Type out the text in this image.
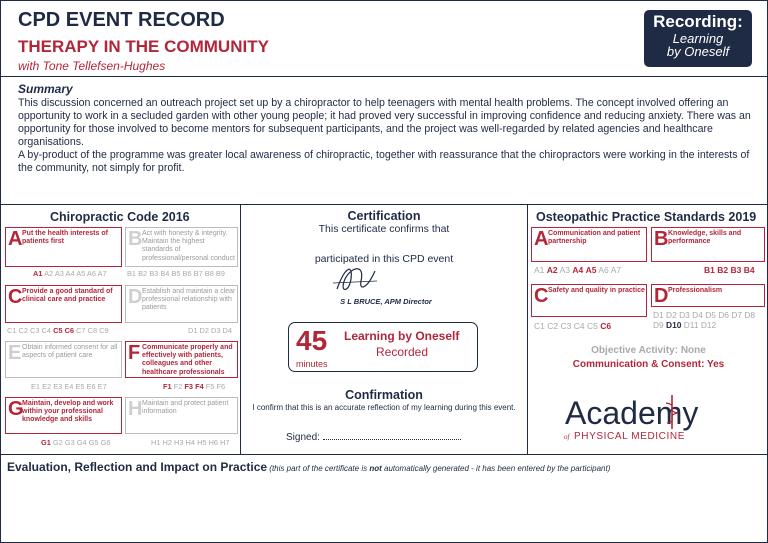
CPD EVENT RECORD
THERAPY IN THE COMMUNITY
with Tone Tellefsen-Hughes
Recording:
Learning
by Oneself
Summary
This discussion concerned an outreach project set up by a chiropractor to help teenagers with mental health problems. The concept involved offering an opportunity to work in a secluded garden with other young people; it had proved very successful in improving confidence and reducing anxiety. There was an opportunity for those involved to become mentors for subsequent participants, and the project was well-regarded by related agencies and healthcare organisations.
A by-product of the programme was greater local awareness of chiropractic, together with reassurance that the chiropractors were working in the interests of the community, not simply for profit.
Chiropractic Code 2016
A Put the health interests of patients first
A1 A2 A3 A4 A5 A6 A7
B Act with honesty & integrity. Maintain the highest standards of professional/personal conduct
B1 B2 B3 B4 B5 B6 B7 B8 B9
C Provide a good standard of clinical care and practice
C1 C2 C3 C4 C5 C6 C7 C8 C9
D Establish and maintain a clear professional relationship with patients
D1 D2 D3 D4
E Obtain informed consent for all aspects of patient care
E1 E2 E3 E4 E5 E6 E7
F Communicate properly and effectively with patients, colleagues and other healthcare professionals
F1 F2 F3 F4 F5 F6
G
Maintain, develop and work within your professional knowledge and skills
G1 G2 G3 G4 G5 G6
H Maintain and protect patient information
H1 H2 H3 H4 H5 H6 H7
Certification
This certificate confirms that
participated in this CPD event
S L BRUCE, APM Director
45
minutes
Learning by Oneself
Recorded
Confirmation
I confirm that this is an accurate reflection of my learning during this event.
Signed:
Osteopathic Practice Standards 2019
A Communication and patient partnership
A1 A2 A3 A4 A5 A6 A7
B Knowledge, skills and performance
B1 B2 B3 B4
C Safety and quality in practice
C1 C2 C3 C4 C5 C6
D Professionalism
D1 D2 D3 D4 D5 D6 D7 D8 D9 D10 D11 D12
Objective Activity: None
Communication & Consent: Yes
Academy
of PHYSICAL MEDICINE
Evaluation, Reflection and Impact on Practice (this part of the certificate is not automatically generated - it has been entered by the participant)
